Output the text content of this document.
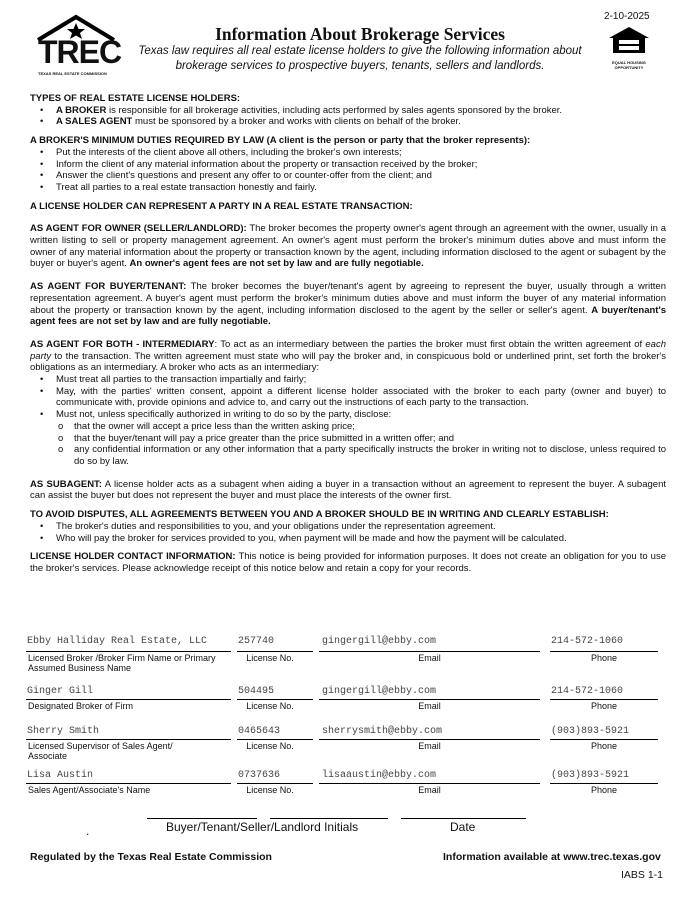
TREC
TEXAS REAL ESTATE COMMISSION
Information About Brokerage Services
Texas law requires all real estate license holders to give the following information about brokerage services to prospective buyers, tenants, sellers and landlords.
2-10-2025
EQUAL HOUSING OPPORTUNITY

TYPES OF REAL ESTATE LICENSE HOLDERS:

• A BROKER is responsible for all brokerage activities, including acts performed by sales agents sponsored by the broker.
• A SALES AGENT must be sponsored by a broker and works with clients on behalf of the broker.

A BROKER'S MINIMUM DUTIES REQUIRED BY LAW (A client is the person or party that the broker represents):

• Put the interests of the client above all others, including the broker's own interests;
• Inform the client of any material information about the property or transaction received by the broker;
• Answer the client's questions and present any offer to or counter-offer from the client; and
• Treat all parties to a real estate transaction honestly and fairly.

A LICENSE HOLDER CAN REPRESENT A PARTY IN A REAL ESTATE TRANSACTION:

AS AGENT FOR OWNER (SELLER/LANDLORD): The broker becomes the property owner's agent through an agreement with the owner, usually in a written listing to sell or property management agreement. An owner's agent must perform the broker's minimum duties above and must inform the owner of any material information about the property or transaction known by the agent, including information disclosed to the agent or subagent by the buyer or buyer's agent. An owner's agent fees are not set by law and are fully negotiable.

AS AGENT FOR BUYER/TENANT: The broker becomes the buyer/tenant's agent by agreeing to represent the buyer, usually through a written representation agreement. A buyer's agent must perform the broker's minimum duties above and must inform the buyer of any material information about the property or transaction known by the agent, including information disclosed to the agent by the seller or seller's agent. A buyer/tenant's agent fees are not set by law and are fully negotiable.

AS AGENT FOR BOTH - INTERMEDIARY: To act as an intermediary between the parties the broker must first obtain the written agreement of each party to the transaction. The written agreement must state who will pay the broker and, in conspicuous bold or underlined print, set forth the broker's obligations as an intermediary. A broker who acts as an intermediary:

• Must treat all parties to the transaction impartially and fairly;
• May, with the parties' written consent, appoint a different license holder associated with the broker to each party (owner and buyer) to communicate with, provide opinions and advice to, and carry out the instructions of each party to the transaction.
• Must not, unless specifically authorized in writing to do so by the party, disclose:
o that the owner will accept a price less than the written asking price;
o that the buyer/tenant will pay a price greater than the price submitted in a written offer; and
o any confidential information or any other information that a party specifically instructs the broker in writing not to disclose, unless required to do so by law.

AS SUBAGENT: A license holder acts as a subagent when aiding a buyer in a transaction without an agreement to represent the buyer. A subagent can assist the buyer but does not represent the buyer and must place the interests of the owner first.

TO AVOID DISPUTES, ALL AGREEMENTS BETWEEN YOU AND A BROKER SHOULD BE IN WRITING AND CLEARLY ESTABLISH:

• The broker's duties and responsibilities to you, and your obligations under the representation agreement.
• Who will pay the broker for services provided to you, when payment will be made and how the payment will be calculated.

LICENSE HOLDER CONTACT INFORMATION: This notice is being provided for information purposes. It does not create an obligation for you to use the broker's services. Please acknowledge receipt of this notice below and retain a copy for your records.

Ebby Halliday Real Estate, LLC	257740	gingergill@ebby.com	214-572-1060
Licensed Broker /Broker Firm Name or Primary Assumed Business Name
License No.	Email	Phone
Ginger Gill	504495	gingergill@ebby.com	214-572-1060
Designated Broker of Firm	License No.	Email	Phone
Sherry Smith	0465643	sherrysmith@ebby.com	(903)893-5921
Licensed Supervisor of Sales Agent/ Associate
License No.	Email	Phone
Lisa Austin	0737636	lisaaustin@ebby.com	(903)893-5921
Sales Agent/Associate's Name	License No.	Email	Phone
.	Buyer/Tenant/Seller/Landlord Initials	Date
Regulated by the Texas Real Estate Commission	Information available at www.trec.texas.gov
IABS 1-1
